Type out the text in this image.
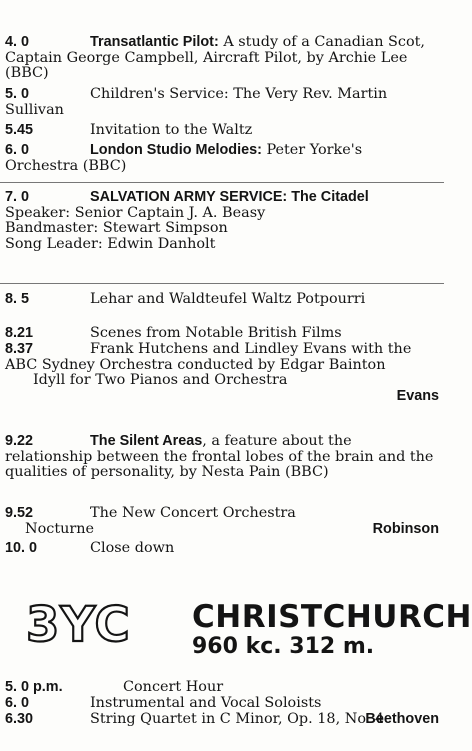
4. 0	Transatlantic Pilot: A study of a Canadian Scot, Captain George Campbell, Aircraft Pilot, by Archie Lee (BBC)
5. 0	Children's Service: The Very Rev. Martin Sullivan
5.45	Invitation to the Waltz
6. 0	London Studio Melodies: Peter Yorke's Orchestra (BBC)
7. 0	SALVATION ARMY SERVICE: The Citadel
Speaker: Senior Captain J. A. Beasy
Bandmaster: Stewart Simpson
Song Leader: Edwin Danholt
8. 5	Lehar and Waldteufel Waltz Potpourri
8.21	Scenes from Notable British Films
8.37	Frank Hutchens and Lindley Evans with the ABC Sydney Orchestra conducted by Edgar Bainton
Idyll for Two Pianos and Orchestra
Evans
9.22	The Silent Areas, a feature about the relationship between the frontal lobes of the brain and the qualities of personality, by Nesta Pain (BBC)
9.52	The New Concert Orchestra
Nocturne	Robinson
10. 0	Close down
3YC CHRISTCHURCH
960 kc. 312 m.
5. 0 p.m.	Concert Hour
6. 0	Instrumental and Vocal Soloists
6.30	String Quartet in C Minor, Op. 18, No. 4
Beethoven
